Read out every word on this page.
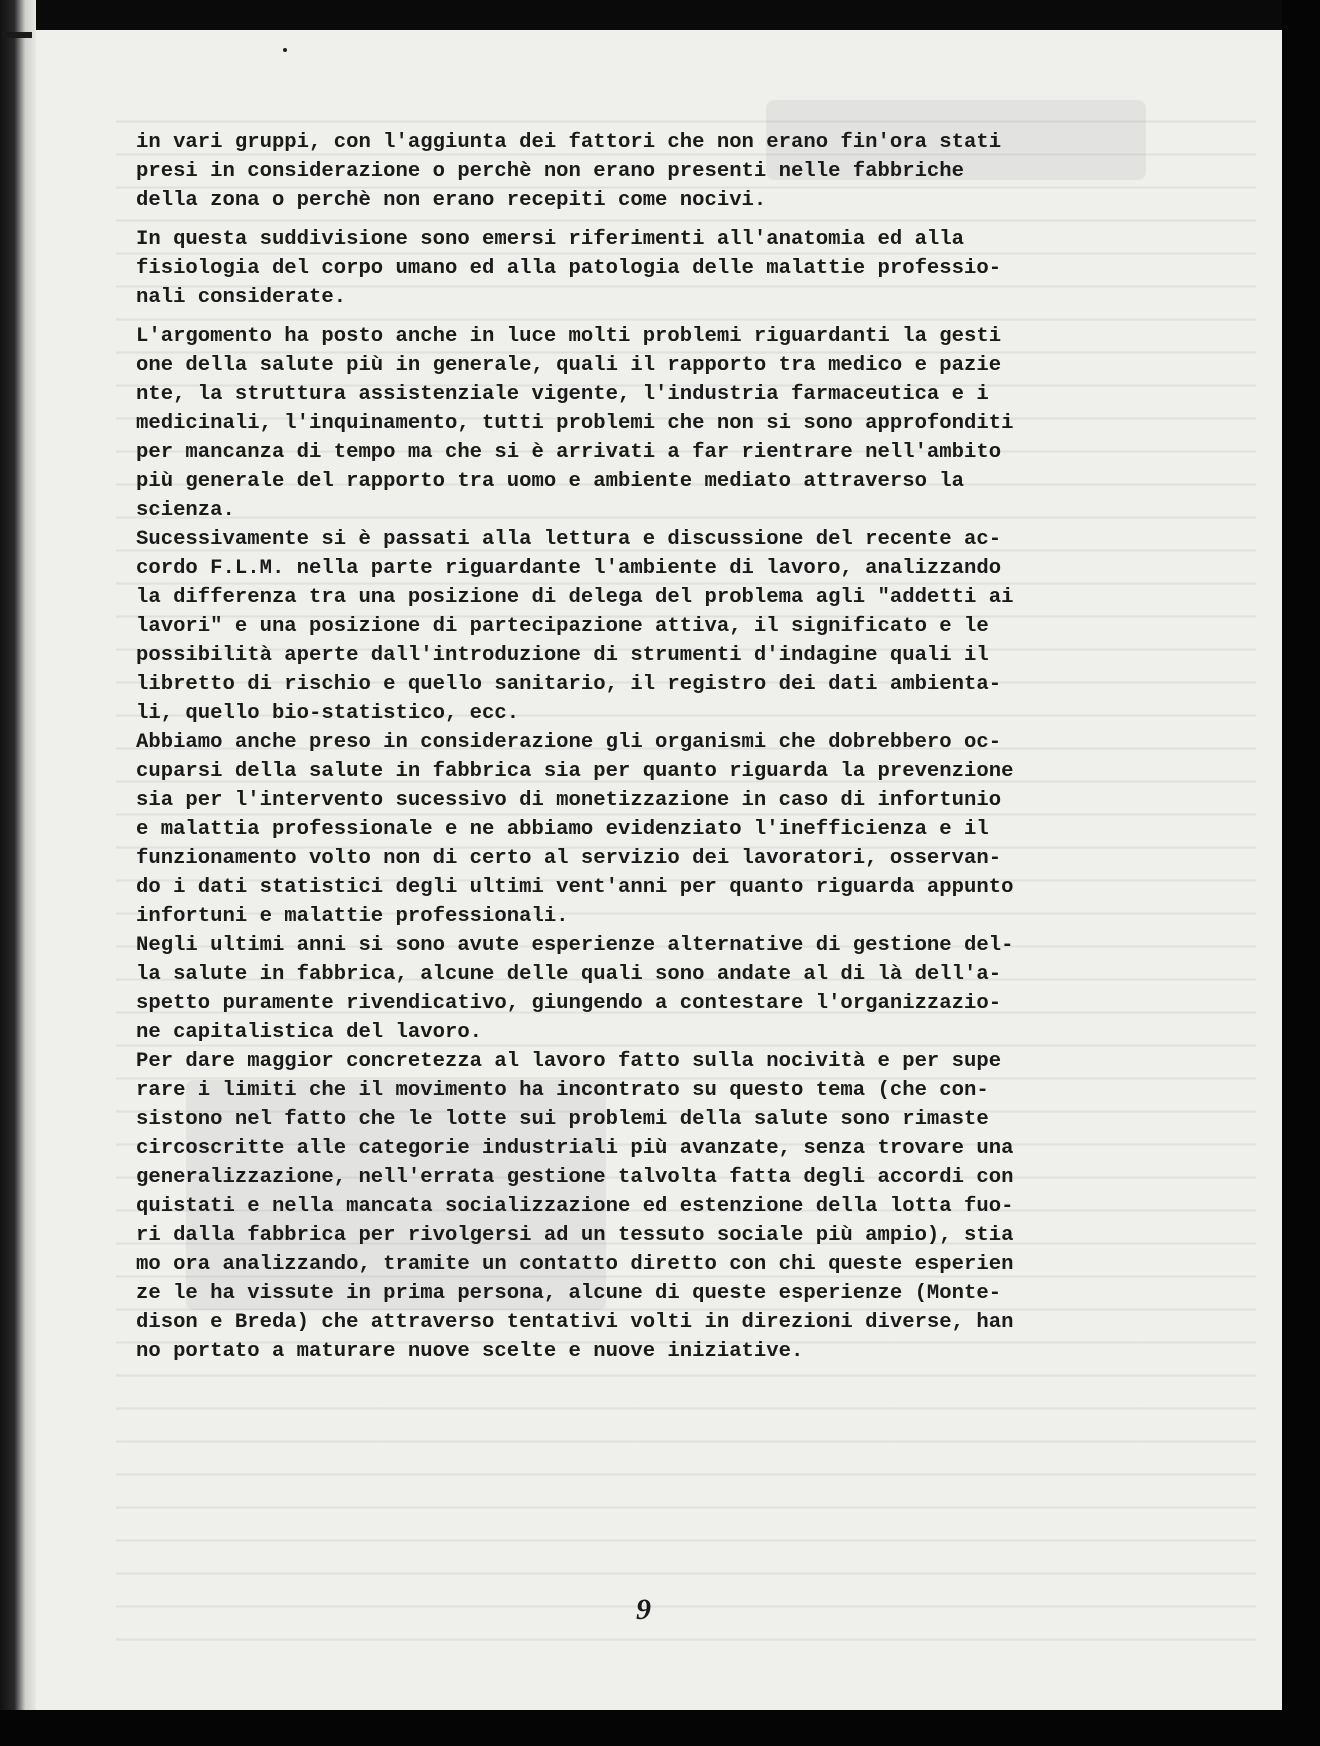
in vari gruppi, con l'aggiunta dei fattori che non erano fin'ora stati
presi in considerazione o perchè non erano presenti nelle fabbriche
della zona o perchè non erano recepiti come nocivi.
In questa suddivisione sono emersi riferimenti all'anatomia ed alla
fisiologia del corpo umano ed alla patologia delle malattie professio-
nali considerate.
L'argomento ha posto anche in luce molti problemi riguardanti la gesti
one della salute più in generale, quali il rapporto tra medico e pazie
nte, la struttura assistenziale vigente, l'industria farmaceutica e i
medicinali, l'inquinamento, tutti problemi che non si sono approfonditi
per mancanza di tempo ma che si è arrivati a far rientrare nell'ambito
più generale del rapporto tra uomo e ambiente mediato attraverso la
scienza.
Sucessivamente si è passati alla lettura e discussione del recente ac-
cordo F.L.M. nella parte riguardante l'ambiente di lavoro, analizzando
la differenza tra una posizione di delega del problema agli "addetti ai
lavori" e una posizione di partecipazione attiva, il significato e le
possibilità aperte dall'introduzione di strumenti d'indagine quali il
libretto di rischio e quello sanitario, il registro dei dati ambienta-
li, quello bio-statistico, ecc.
Abbiamo anche preso in considerazione gli organismi che dobrebbero oc-
cuparsi della salute in fabbrica sia per quanto riguarda la prevenzione
sia per l'intervento sucessivo di monetizzazione in caso di infortunio
e malattia professionale e ne abbiamo evidenziato l'inefficienza e il
funzionamento volto non di certo al servizio dei lavoratori, osservan-
do i dati statistici degli ultimi vent'anni per quanto riguarda appunto
infortuni e malattie professionali.
Negli ultimi anni si sono avute esperienze alternative di gestione del-
la salute in fabbrica, alcune delle quali sono andate al di là dell'a-
spetto puramente rivendicativo, giungendo a contestare l'organizzazio-
ne capitalistica del lavoro.
Per dare maggior concretezza al lavoro fatto sulla nocività e per supe
rare i limiti che il movimento ha incontrato su questo tema (che con-
sistono nel fatto che le lotte sui problemi della salute sono rimaste
circoscritte alle categorie industriali più avanzate, senza trovare una
generalizzazione, nell'errata gestione talvolta fatta degli accordi con
quistati e nella mancata socializzazione ed estenzione della lotta fuo-
ri dalla fabbrica per rivolgersi ad un tessuto sociale più ampio), stia
mo ora analizzando, tramite un contatto diretto con chi queste esperien
ze le ha vissute in prima persona, alcune di queste esperienze (Monte-
dison e Breda) che attraverso tentativi volti in direzioni diverse, han
no portato a maturare nuove scelte e nuove iniziative.
9
